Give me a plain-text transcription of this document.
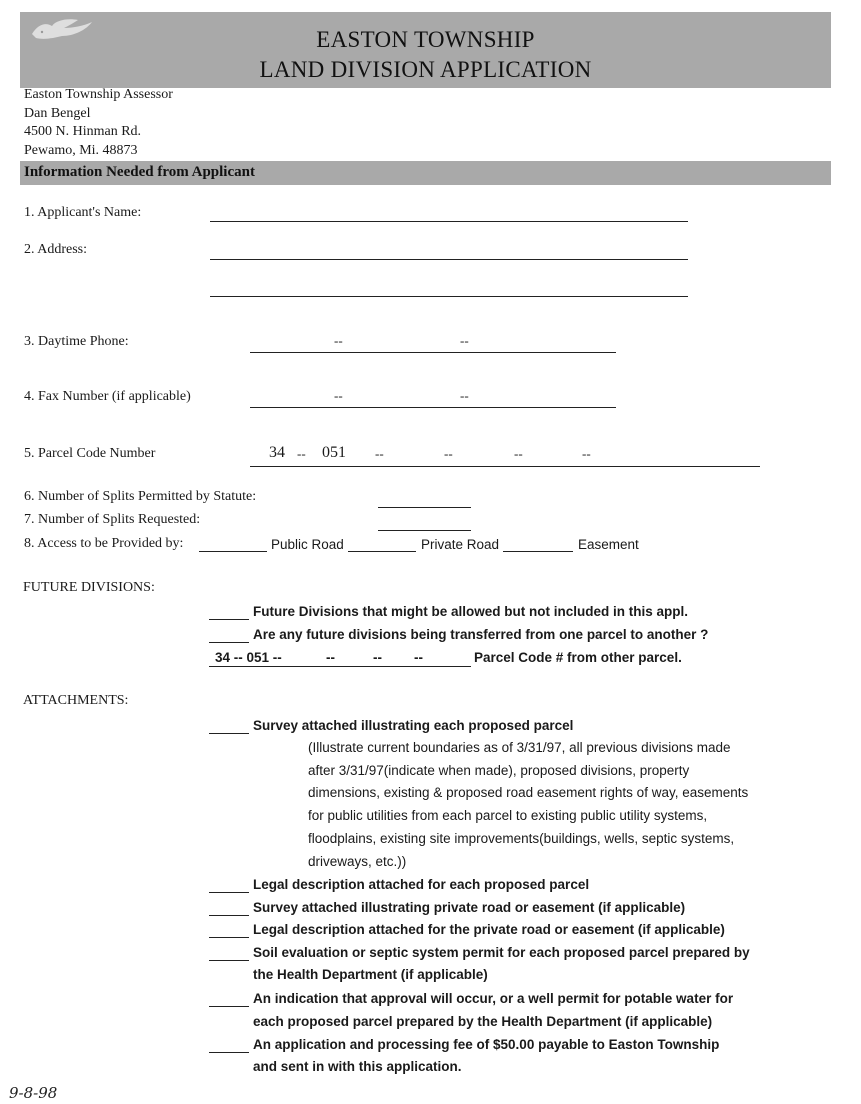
EASTON TOWNSHIP
LAND DIVISION APPLICATION
Easton Township Assessor
Dan Bengel
4500 N. Hinman Rd.
Pewamo, Mi. 48873
Information Needed from Applicant
1. Applicant's Name:
2. Address:
3. Daytime Phone:	--	--
4. Fax Number (if applicable)	--	--
5. Parcel Code Number	34 -- 051 --	--	--	--
6. Number of Splits Permitted by Statute:
7. Number of Splits Requested:
8. Access to be Provided by:	Public Road	Private Road	Easement
FUTURE DIVISIONS:
Future Divisions that might be allowed but not included in this appl.
Are any future divisions being transferred from one parcel to another ?
34 -- 051 --	--	-- --	Parcel Code # from other parcel.
ATTACHMENTS:
Survey attached illustrating each proposed parcel
(Illustrate current boundaries as of 3/31/97, all previous divisions made
after 3/31/97(indicate when made), proposed divisions, property
dimensions, existing & proposed road easement rights of way, easements
for public utilities from each parcel to existing public utility systems,
floodplains, existing site improvements(buildings, wells, septic systems,
driveways, etc.))
Legal description attached for each proposed parcel
Survey attached illustrating private road or easement (if applicable)
Legal description attached for the private road or easement (if applicable)
Soil evaluation or septic system permit for each proposed parcel prepared by
the Health Department (if applicable)
An indication that approval will occur, or a well permit for potable water for
each proposed parcel prepared by the Health Department (if applicable)
An application and processing fee of $50.00 payable to Easton Township
and sent in with this application.
9-8-98
